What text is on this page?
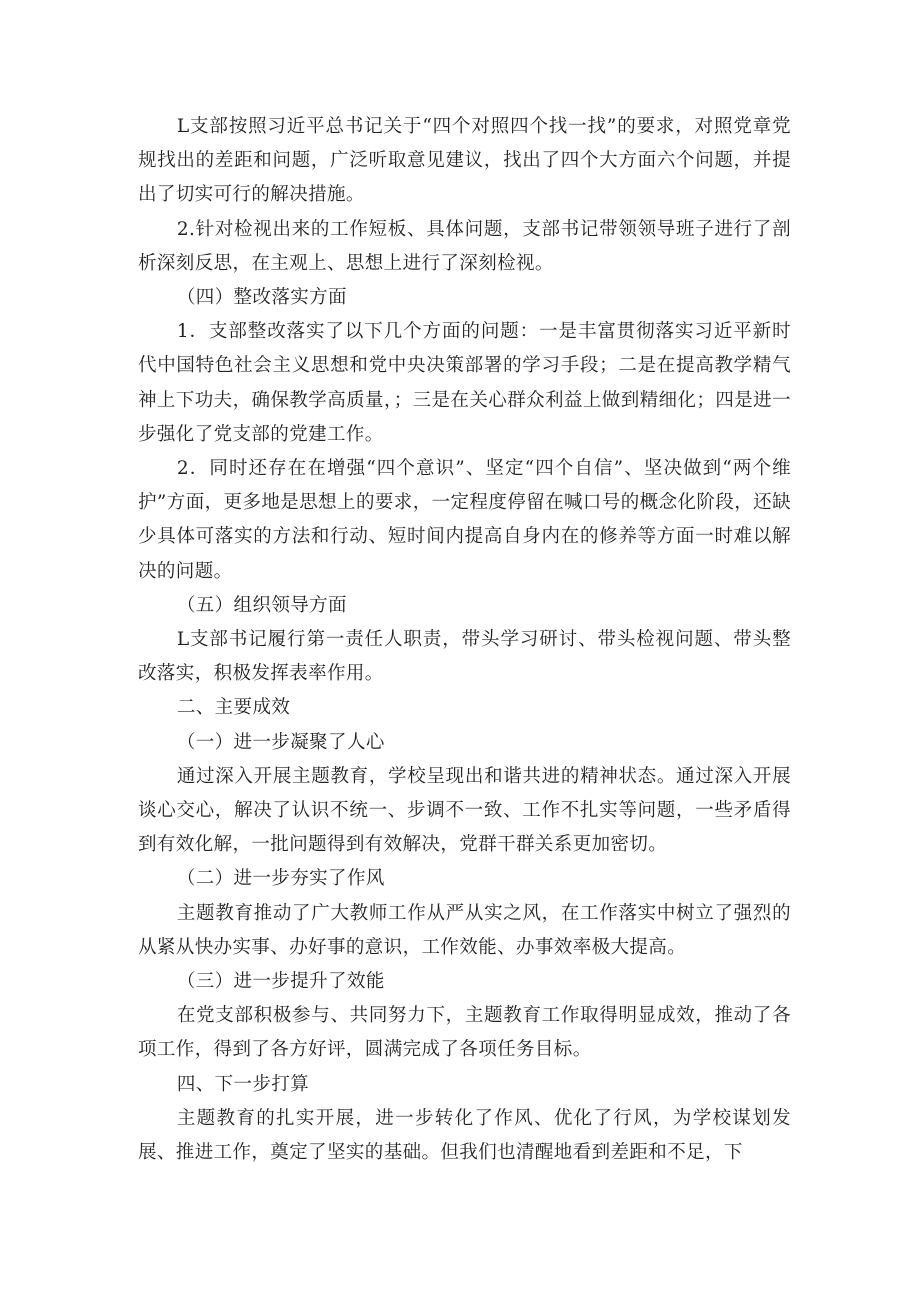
L支部按照习近平总书记关于“四个对照四个找一找”的要求，对照党章党规找出的差距和问题，广泛听取意见建议，找出了四个大方面六个问题，并提出了切实可行的解决措施。

2.针对检视出来的工作短板、具体问题，支部书记带领领导班子进行了剖析深刻反思，在主观上、思想上进行了深刻检视。

（四）整改落实方面

1．支部整改落实了以下几个方面的问题：一是丰富贯彻落实习近平新时代中国特色社会主义思想和党中央决策部署的学习手段；二是在提高教学精气神上下功夫，确保教学高质量，；三是在关心群众利益上做到精细化；四是进一步强化了党支部的党建工作。

2．同时还存在在增强“四个意识”、坚定“四个自信”、坚决做到“两个维护”方面，更多地是思想上的要求，一定程度停留在喊口号的概念化阶段，还缺少具体可落实的方法和行动、短时间内提高自身内在的修养等方面一时难以解决的问题。

（五）组织领导方面

L支部书记履行第一责任人职责，带头学习研讨、带头检视问题、带头整改落实，积极发挥表率作用。

二、主要成效

（一）进一步凝聚了人心

通过深入开展主题教育，学校呈现出和谐共进的精神状态。通过深入开展谈心交心，解决了认识不统一、步调不一致、工作不扎实等问题，一些矛盾得到有效化解，一批问题得到有效解决，党群干群关系更加密切。

（二）进一步夯实了作风

主题教育推动了广大教师工作从严从实之风，在工作落实中树立了强烈的从紧从快办实事、办好事的意识，工作效能、办事效率极大提高。

（三）进一步提升了效能

在党支部积极参与、共同努力下，主题教育工作取得明显成效，推动了各项工作，得到了各方好评，圆满完成了各项任务目标。

四、下一步打算

主题教育的扎实开展，进一步转化了作风、优化了行风，为学校谋划发展、推进工作，奠定了坚实的基础。但我们也清醒地看到差距和不足，下
